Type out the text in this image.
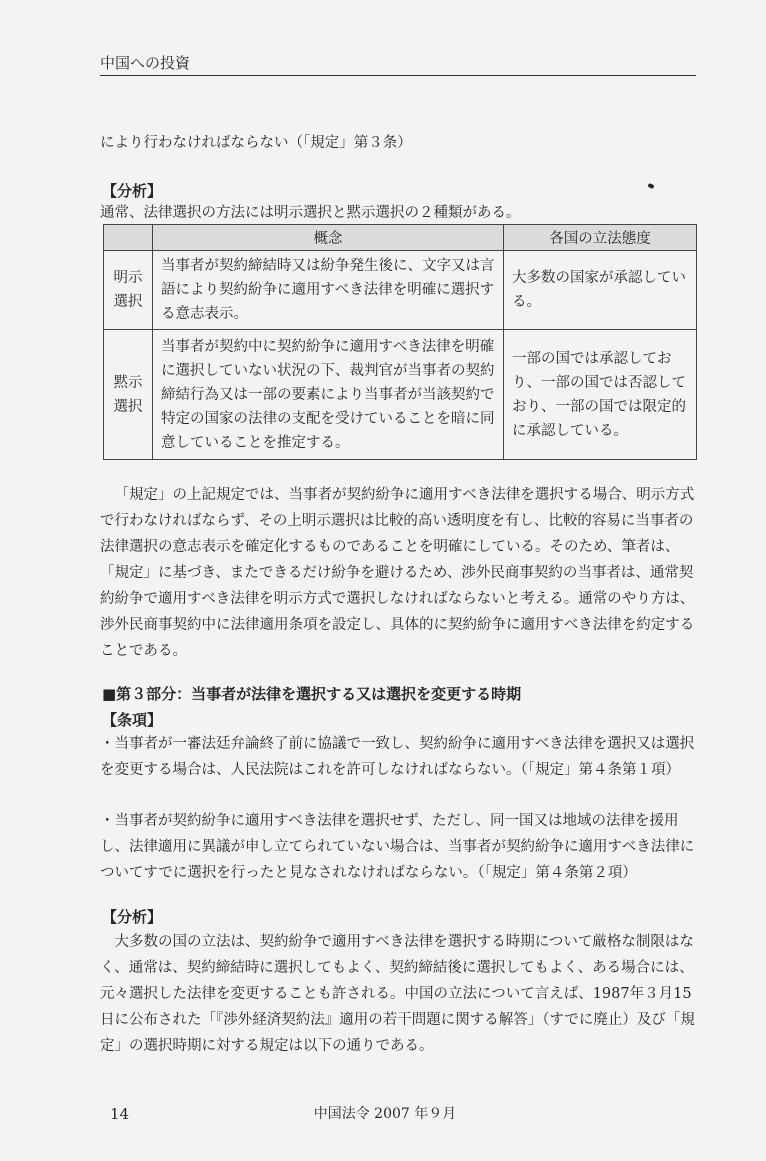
中国への投資

により行わなければならない（「規定」第３条）

【分析】

通常、法律選択の方法には明示選択と黙示選択の２種類がある。

	概念	各国の立法態度
明示選択	当事者が契約締結時又は紛争発生後に、文字又は言語により契約紛争に適用すべき法律を明確に選択する意志表示。	大多数の国家が承認している。
黙示選択	当事者が契約中に契約紛争に適用すべき法律を明確に選択していない状況の下、裁判官が当事者の契約締結行為又は一部の要素により当事者が当該契約で特定の国家の法律の支配を受けていることを暗に同意していることを推定する。	一部の国では承認しており、一部の国では否認しており、一部の国では限定的に承認している。

「規定」の上記規定では、当事者が契約紛争に適用すべき法律を選択する場合、明示方式で行わなければならず、その上明示選択は比較的高い透明度を有し、比較的容易に当事者の法律選択の意志表示を確定化するものであることを明確にしている。そのため、筆者は、「規定」に基づき、またできるだけ紛争を避けるため、渉外民商事契約の当事者は、通常契約紛争で適用すべき法律を明示方式で選択しなければならないと考える。通常のやり方は、渉外民商事契約中に法律適用条項を設定し、具体的に契約紛争に適用すべき法律を約定することである。

■第３部分：当事者が法律を選択する又は選択を変更する時期
【条項】

・当事者が一審法廷弁論終了前に協議で一致し、契約紛争に適用すべき法律を選択又は選択を変更する場合は、人民法院はこれを許可しなければならない。（「規定」第４条第１項）

・当事者が契約紛争に適用すべき法律を選択せず、ただし、同一国又は地域の法律を援用し、法律適用に異議が申し立てられていない場合は、当事者が契約紛争に適用すべき法律についてすでに選択を行ったと見なされなければならない。（「規定」第４条第２項）

【分析】

大多数の国の立法は、契約紛争で適用すべき法律を選択する時期について厳格な制限はなく、通常は、契約締結時に選択してもよく、契約締結後に選択してもよく、ある場合には、元々選択した法律を変更することも許される。中国の立法について言えば、1987年３月15日に公布された「『渉外経済契約法』適用の若干問題に関する解答」（すでに廃止）及び「規定」の選択時期に対する規定は以下の通りである。

14	中国法令 2007 年９月
